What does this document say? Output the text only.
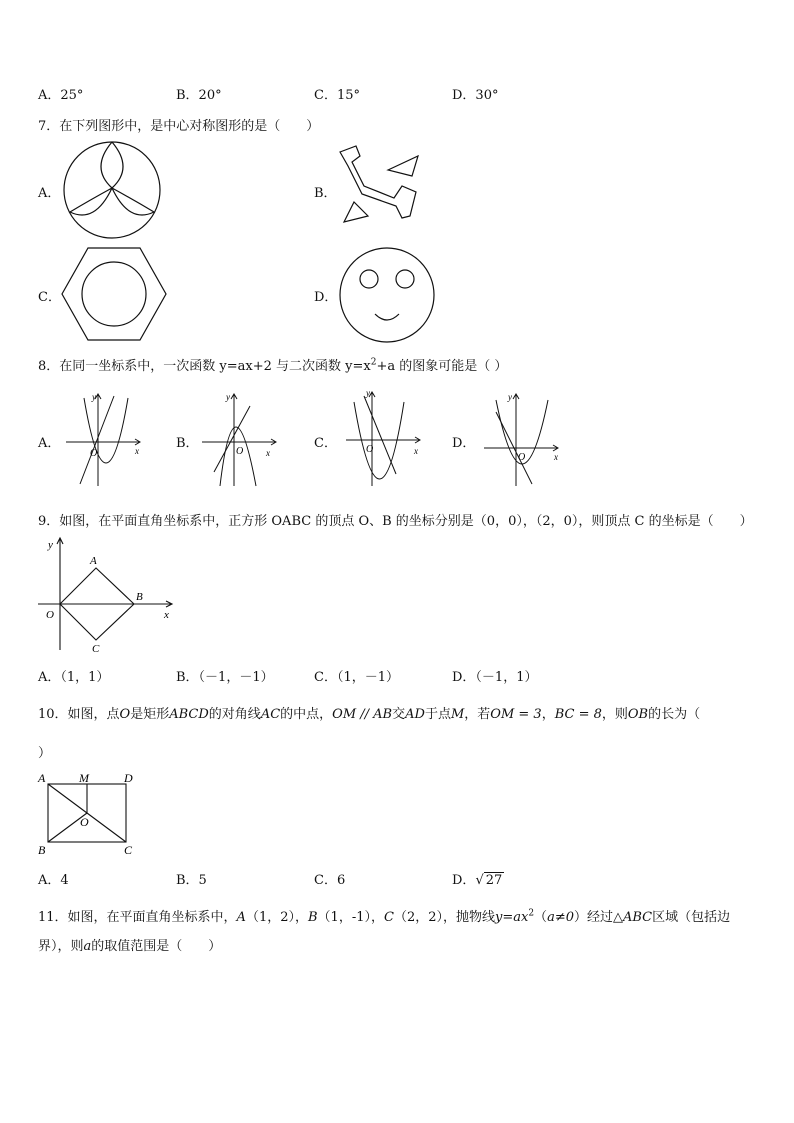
A．25°	B．20°	C．15°	D．30°
7．在下列图形中，是中心对称图形的是（　　）
A．	B．
C．	D．
8．在同一坐标系中，一次函数 y=ax+2 与二次函数 $y=x^2+a$ 的图象可能是（ ）
A．	B．	C．	D．
y
x
O
y
x
O
y
x
O
y
x
O
9．如图，在平面直角坐标系中，正方形 OABC 的顶点 O、B 的坐标分别是（0，0），（2，0），则顶点 C 的坐标是（　　）
y
x
A
B
C
O
A．（1，1）	B．（－1，－1）	C．（1，－1）	D．（－1，1）
10．如图，点O是矩形ABCD的对角线AC的中点，OM // AB交AD于点M，若OM = 3，BC = 8，则OB的长为（
）
A	M	D
O
B	C
A．4	B．5	C．6	D．√ 27
11．如图，在平面直角坐标系中，A（1，2），B（1，-1），C（2，2），抛物线$y=ax^2(a\ne 0)$经过△ABC区域（包括边
界），则a的取值范围是（　　）
